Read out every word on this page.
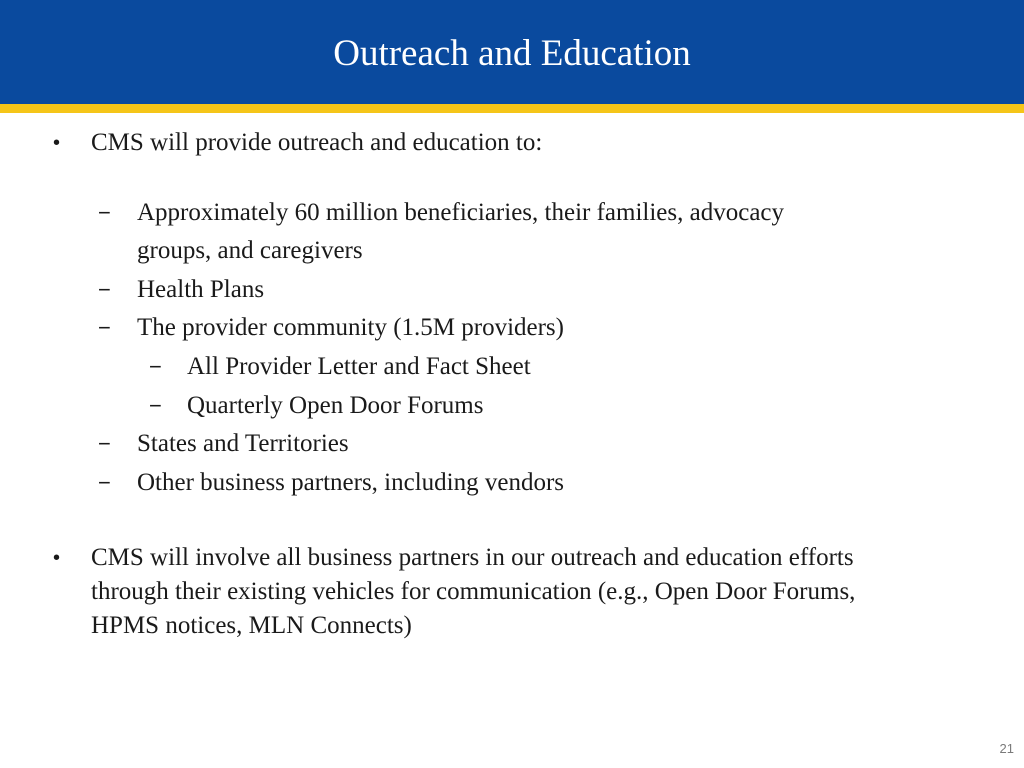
Outreach and Education
• CMS will provide outreach and education to:
− Approximately 60 million beneficiaries, their families, advocacy
groups, and caregivers
− Health Plans
− The provider community (1.5M providers)
− All Provider Letter and Fact Sheet
− Quarterly Open Door Forums
− States and Territories
− Other business partners, including vendors
• CMS will involve all business partners in our outreach and education efforts through their existing vehicles for communication (e.g., Open Door Forums, HPMS notices, MLN Connects)
21
